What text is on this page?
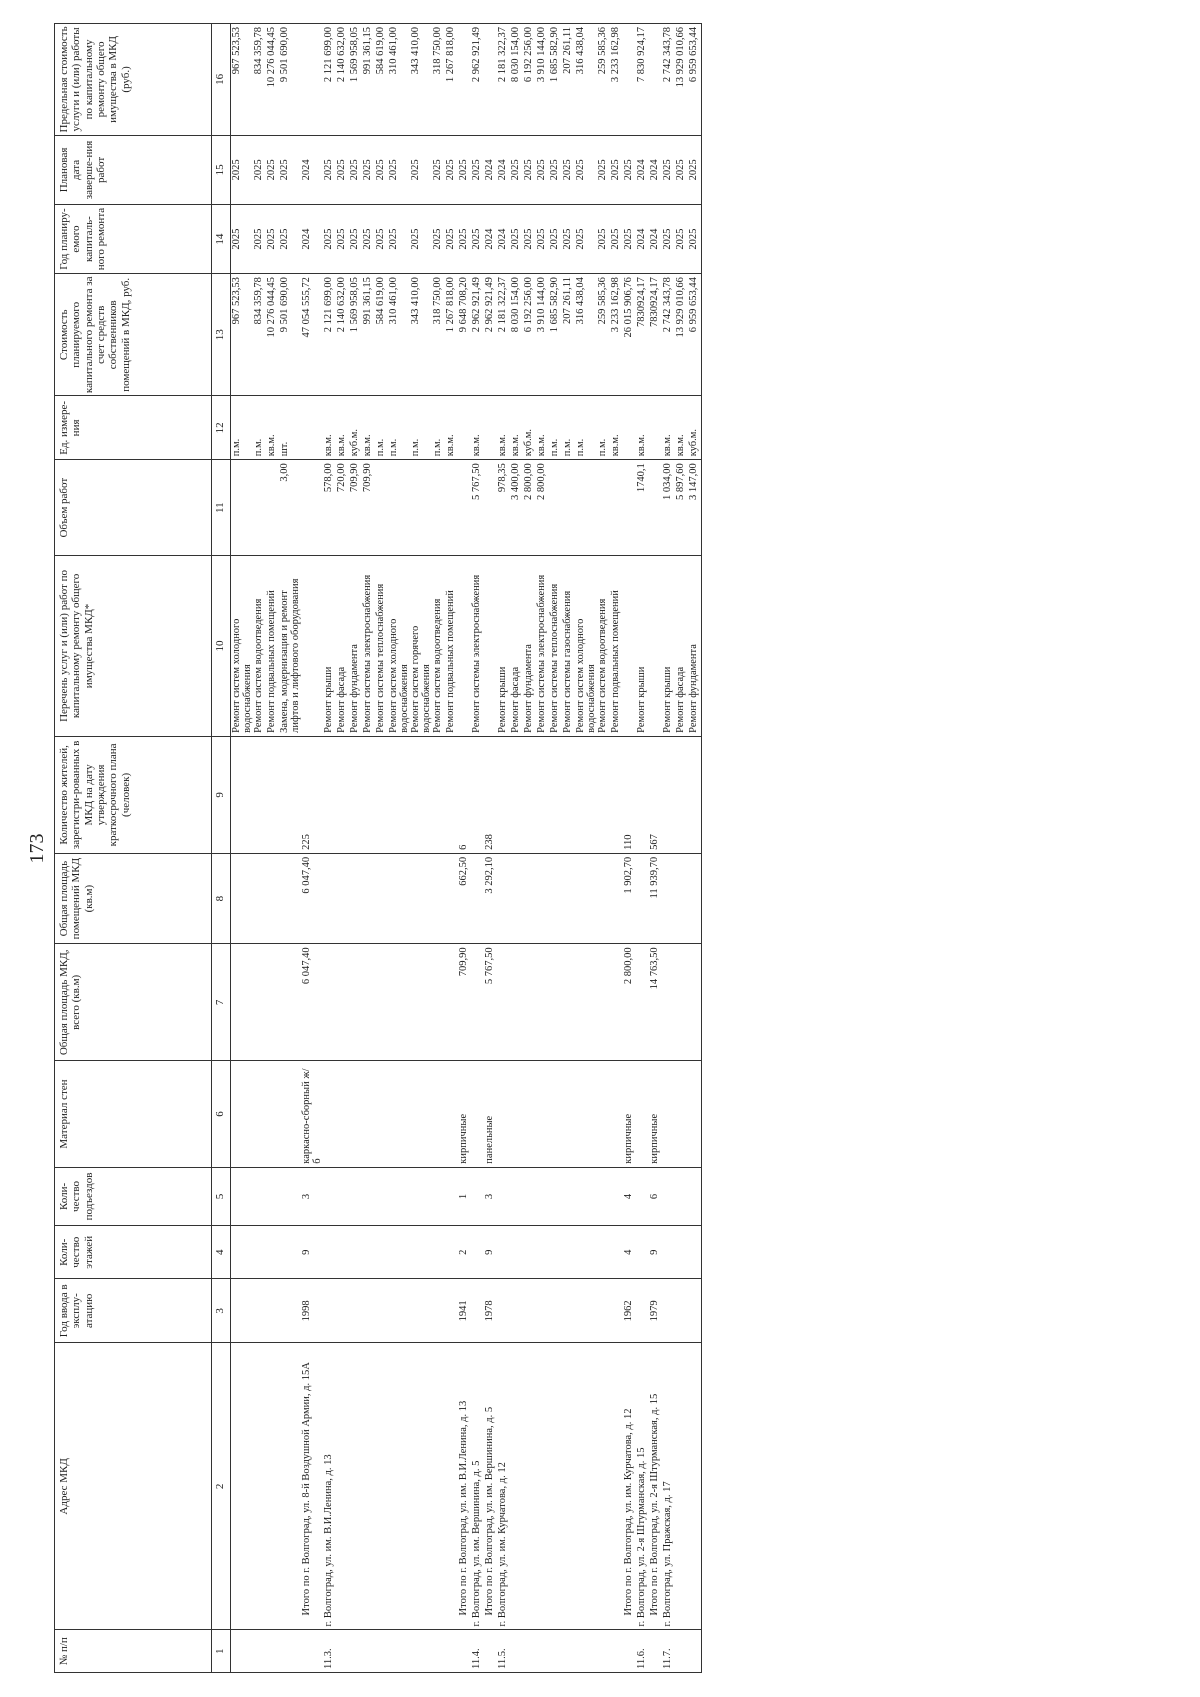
173
№ п/п	Адрес МКД	Год ввода в эксплу-атацию	Коли-чество этажей	Коли-чество подъездов	Материал стен	Общая площадь МКД, всего (кв.м)	Общая площадь помещений МКД (кв.м)	Количество жителей, зарегистри-рованных в МКД на дату утверждения краткосрочного плана (человек)	Перечень услуг и (или) работ по капитальному ремонту общего имущества МКД*	Объем работ	Ед. измере-ния	Стоимость планируемого капитального ремонта за счет средств собственников помещений в МКД, руб.	Год планиру-емого капиталь-ного ремонта	Плановая дата заверше-ния работ	Предельная стоимость услуги и (или) работы по капитальному ремонту общего имущества в МКД (руб.)
1	2	3	4	5	6	7	8	9	10	11	12	13	14	15	16
									Ремонт систем холодного водоснабжения		п.м.	967 523,53	2025	2025	967 523,53
									Ремонт систем водоотведения		п.м.	834 359,78	2025	2025	834 359,78
									Ремонт подвальных помещений		кв.м.	10 276 044,45	2025	2025	10 276 044,45
									Замена, модернизация и ремонт лифтов и лифтового оборудования	3,00	шт.	9 501 690,00	2025	2025	9 501 690,00
	Итого по г. Волгоград, ул. 8-й Воздушной Армии, д. 15А	1998	9	3	каркасно-сборный ж/б	6 047,40	6 047,40	225				47 054 555,72	2024	2024	
11.3.	г. Волгоград, ул. им. В.И.Ленина, д. 13								Ремонт крыши	578,00	кв.м.	2 121 699,00	2025	2025	2 121 699,00
									Ремонт фасада	720,00	кв.м.	2 140 632,00	2025	2025	2 140 632,00
									Ремонт фундамента	709,90	куб.м.	1 569 958,05	2025	2025	1 569 958,05
									Ремонт системы электроснабжения	709,90	кв.м.	991 361,15	2025	2025	991 361,15
									Ремонт системы теплоснабжения		п.м.	584 619,00	2025	2025	584 619,00
									Ремонт систем холодного водоснабжения		п.м.	310 461,00	2025	2025	310 461,00
									Ремонт систем горячего водоснабжения		п.м.	343 410,00	2025	2025	343 410,00
									Ремонт систем водоотведения		п.м.	318 750,00	2025	2025	318 750,00
									Ремонт подвальных помещений		кв.м.	1 267 818,00	2025	2025	1 267 818,00
	Итого по г. Волгоград, ул. им. В.И.Ленина, д. 13	1941	2	1	кирпичные	709,90	662,50	6				9 648 708,20	2025	2025	
11.4.	г. Волгоград, ул. им. Вершинина, д. 5								Ремонт системы электроснабжения	5 767,50	кв.м.	2 962 921,49	2025	2025	2 962 921,49
	Итого по г. Волгоград, ул. им. Вершинина, д. 5	1978	9	3	панельные	5 767,50	3 292,10	238				2 962 921,49	2024	2024	
11.5.	г. Волгоград, ул. им. Курчатова, д. 12								Ремонт крыши	978,35	кв.м.	2 181 322,37	2024	2024	2 181 322,37
									Ремонт фасада	3 400,00	кв.м.	8 030 154,00	2025	2025	8 030 154,00
									Ремонт фундамента	2 800,00	куб.м.	6 192 256,00	2025	2025	6 192 256,00
									Ремонт системы электроснабжения	2 800,00	кв.м.	3 910 144,00	2025	2025	3 910 144,00
									Ремонт системы теплоснабжения		п.м.	1 685 582,90	2025	2025	1 685 582,90
									Ремонт системы газоснабжения		п.м.	207 261,11	2025	2025	207 261,11
									Ремонт систем холодного водоснабжения		п.м.	316 438,04	2025	2025	316 438,04
									Ремонт систем водоотведения		п.м.	259 585,36	2025	2025	259 585,36
									Ремонт подвальных помещений		кв.м.	3 233 162,98	2025	2025	3 233 162,98
	Итого по г. Волгоград, ул. им. Курчатова, д. 12	1962	4	4	кирпичные	2 800,00	1 902,70	110				26 015 906,76	2025	2025	
11.6.	г. Волгоград, ул. 2-я Штурманская, д. 15								Ремонт крыши	1740,1	кв.м.	7830924,17	2024	2024	7 830 924,17
	Итого по г. Волгоград, ул. 2-я Штурманская, д. 15	1979	9	6	кирпичные	14 763,50	11 939,70	567				7830924,17	2024	2024	
11.7.	г. Волгоград, ул. Пражская, д. 17								Ремонт крыши	1 034,00	кв.м.	2 742 343,78	2025	2025	2 742 343,78
									Ремонт фасада	5 897,60	кв.м.	13 929 010,66	2025	2025	13 929 010,66
									Ремонт фундамента	3 147,00	куб.м.	6 959 653,44	2025	2025	6 959 653,44
